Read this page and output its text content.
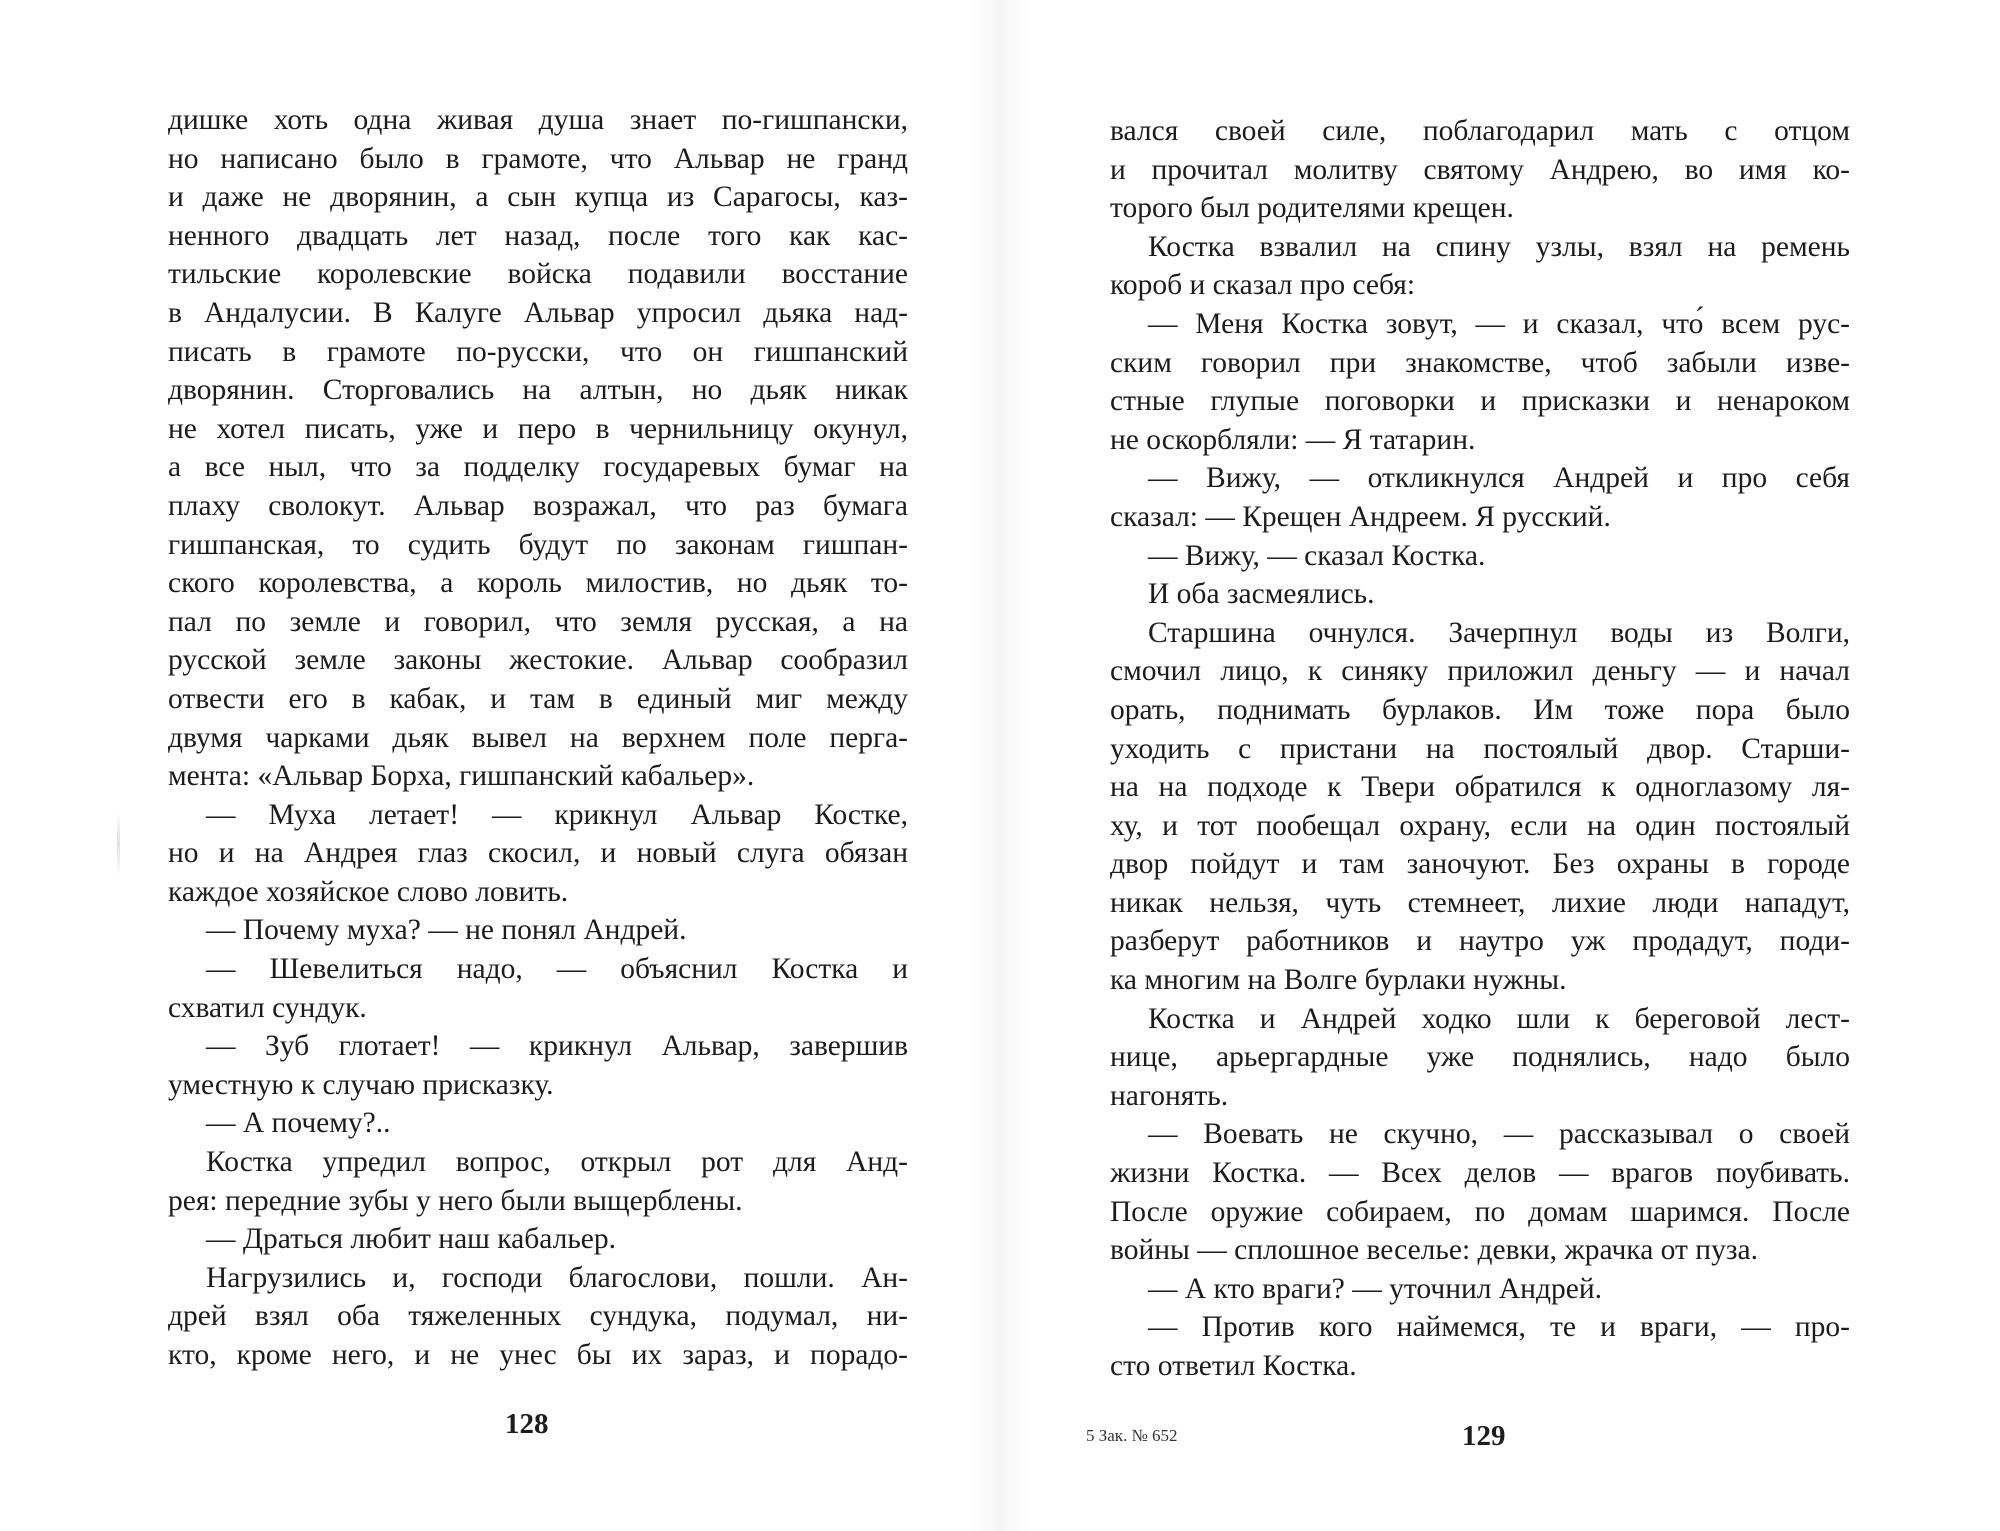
дишке хоть одна живая душа знает по-гишпански,
но написано было в грамоте, что Альвар не гранд
и даже не дворянин, а сын купца из Сарагосы, каз-
ненного двадцать лет назад, после того как кас-
тильские королевские войска подавили восстание
в Андалусии. В Калуге Альвар упросил дьяка над-
писать в грамоте по-русски, что он гишпанский
дворянин. Сторговались на алтын, но дьяк никак
не хотел писать, уже и перо в чернильницу окунул,
а все ныл, что за подделку государевых бумаг на
плаху сволокут. Альвар возражал, что раз бумага
гишпанская, то судить будут по законам гишпан-
ского королевства, а король милостив, но дьяк то-
пал по земле и говорил, что земля русская, а на
русской земле законы жестокие. Альвар сообразил
отвести его в кабак, и там в единый миг между
двумя чарками дьяк вывел на верхнем поле перга-
мента: «Альвар Борха, гишпанский кабальер».
— Муха летает! — крикнул Альвар Костке,
но и на Андрея глаз скосил, и новый слуга обязан
каждое хозяйское слово ловить.
— Почему муха? — не понял Андрей.
— Шевелиться надо, — объяснил Костка и
схватил сундук.
— Зуб глотает! — крикнул Альвар, завершив
уместную к случаю присказку.
— А почему?..
Костка упредил вопрос, открыл рот для Анд-
рея: передние зубы у него были выщерблены.
— Драться любит наш кабальер.
Нагрузились и, господи благослови, пошли. Ан-
дрей взял оба тяжеленных сундука, подумал, ни-
кто, кроме него, и не унес бы их зараз, и порадо-
128
вался своей силе, поблагодарил мать с отцом
и прочитал молитву святому Андрею, во имя ко-
торого был родителями крещен.
Костка взвалил на спину узлы, взял на ремень
короб и сказал про себя:
— Меня Костка зовут, — и сказал, что́ всем рус-
ским говорил при знакомстве, чтоб забыли изве-
стные глупые поговорки и присказки и ненароком
не оскорбляли: — Я татарин.
— Вижу, — откликнулся Андрей и про себя
сказал: — Крещен Андреем. Я русский.
— Вижу, — сказал Костка.
И оба засмеялись.
Старшина очнулся. Зачерпнул воды из Волги,
смочил лицо, к синяку приложил деньгу — и начал
орать, поднимать бурлаков. Им тоже пора было
уходить с пристани на постоялый двор. Старши-
на на подходе к Твери обратился к одноглазому ля-
ху, и тот пообещал охрану, если на один постоялый
двор пойдут и там заночуют. Без охраны в городе
никак нельзя, чуть стемнеет, лихие люди нападут,
разберут работников и наутро уж продадут, поди-
ка многим на Волге бурлаки нужны.
Костка и Андрей ходко шли к береговой лест-
нице, арьергардные уже поднялись, надо было
нагонять.
— Воевать не скучно, — рассказывал о своей
жизни Костка. — Всех делов — врагов поубивать.
После оружие собираем, по домам шаримся. После
войны — сплошное веселье: девки, жрачка от пуза.
— А кто враги? — уточнил Андрей.
— Против кого наймемся, те и враги, — про-
сто ответил Костка.
5 Зак. № 652	129
